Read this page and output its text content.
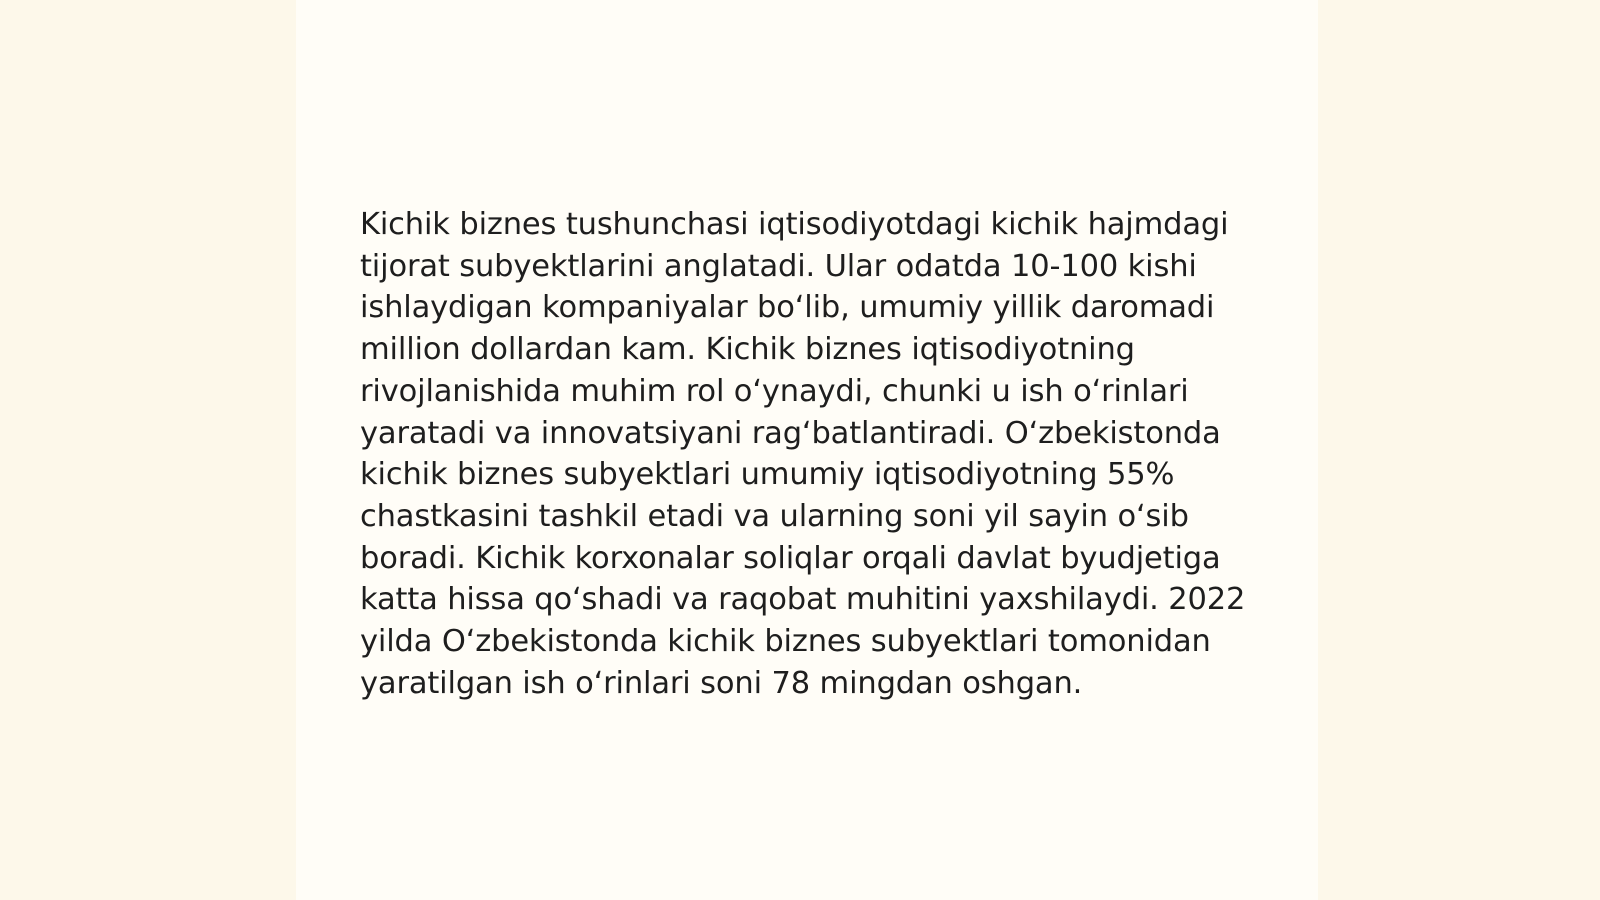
Kichik biznes tushunchasi iqtisodiyotdagi kichik hajmdagi tijorat subyektlarini anglatadi. Ular odatda 10-100 kishi ishlaydigan kompaniyalar boʻlib, umumiy yillik daromadi million dollardan kam. Kichik biznes iqtisodiyotning rivojlanishida muhim rol oʻynaydi, chunki u ish oʻrinlari yaratadi va innovatsiyani ragʻbatlantiradi. Oʻzbekistonda kichik biznes subyektlari umumiy iqtisodiyotning 55% chastkasini tashkil etadi va ularning soni yil sayin oʻsib boradi. Kichik korxonalar soliqlar orqali davlat byudjetiga katta hissa qoʻshadi va raqobat muhitini yaxshilaydi. 2022 yilda Oʻzbekistonda kichik biznes subyektlari tomonidan yaratilgan ish oʻrinlari soni 78 mingdan oshgan.
